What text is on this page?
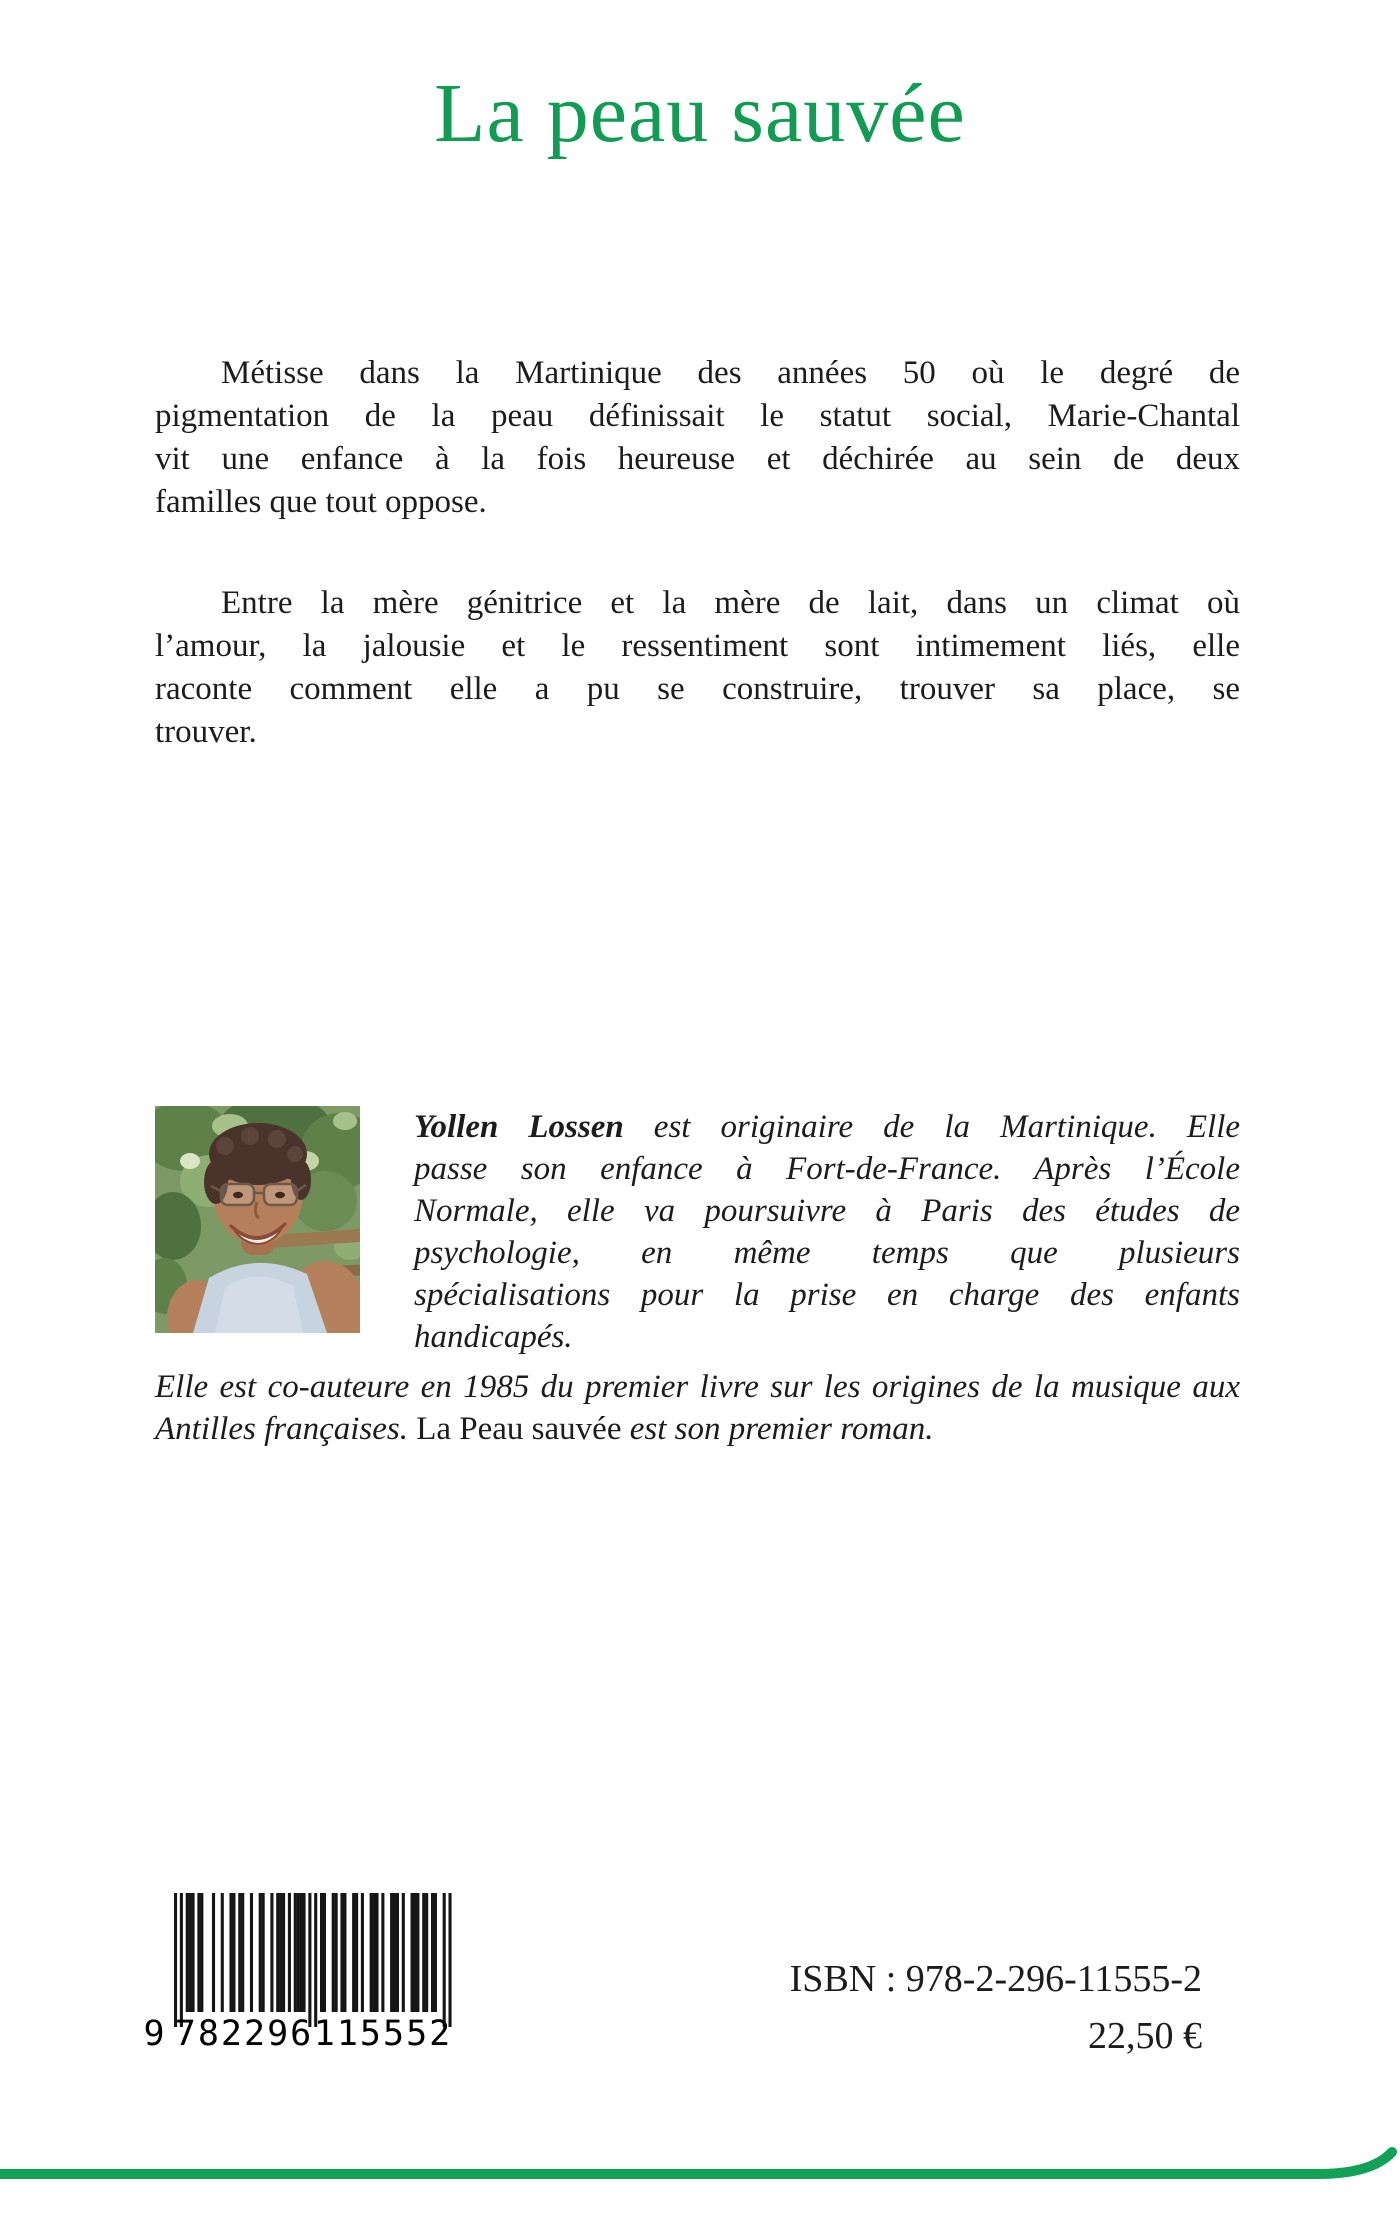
La peau sauvée

Métisse dans la Martinique des années 50 où le degré de
pigmentation de la peau définissait le statut social, Marie-Chantal
vit une enfance à la fois heureuse et déchirée au sein de deux
familles que tout oppose.

Entre la mère génitrice et la mère de lait, dans un climat où
l’amour, la jalousie et le ressentiment sont intimement liés, elle
raconte comment elle a pu se construire, trouver sa place, se
trouver.

Yollen Lossen est originaire de la Martinique. Elle
passe son enfance à Fort-de-France. Après l’École
Normale, elle va poursuivre à Paris des études de
psychologie, en même temps que plusieurs
spécialisations pour la prise en charge des enfants
handicapés.

Elle est co-auteure en 1985 du premier livre sur les origines de la musique aux Antilles françaises. La Peau sauvée est son premier roman.

9 782296 115552
ISBN : 978-2-296-11555-2
22,50 €
